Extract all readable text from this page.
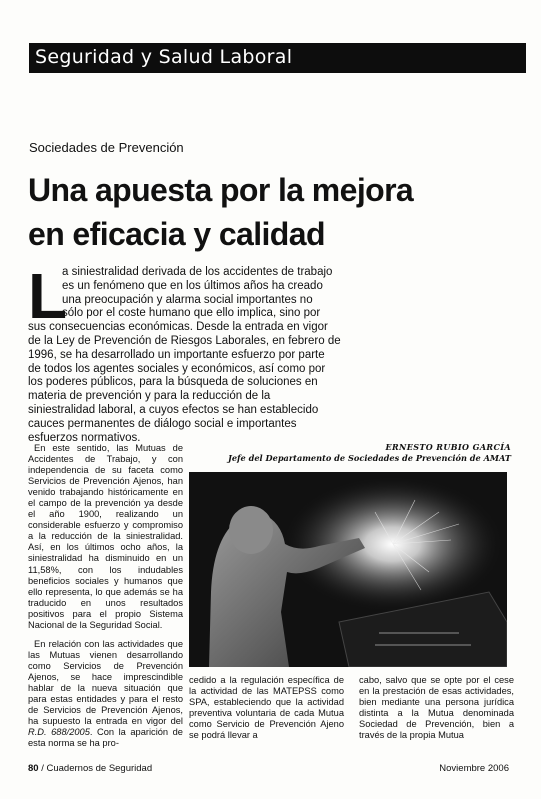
Seguridad y Salud Laboral
Sociedades de Prevención
Una apuesta por la mejora
en eficacia y calidad
L
a siniestralidad derivada de los accidentes de trabajo
es un fenómeno que en los últimos años ha creado
una preocupación y alarma social importantes no
sólo por el coste humano que ello implica, sino por
sus consecuencias económicas. Desde la entrada en vigor
de la Ley de Prevención de Riesgos Laborales, en febrero de
1996, se ha desarrollado un importante esfuerzo por parte
de todos los agentes sociales y económicos, así como por
los poderes públicos, para la búsqueda de soluciones en
materia de prevención y para la reducción de la
siniestralidad laboral, a cuyos efectos se han establecido
cauces permanentes de diálogo social e importantes
esfuerzos normativos.
ERNESTO RUBIO GARCÍA
Jefe del Departamento de Sociedades de Prevención de AMAT

En este sentido, las Mutuas de Accidentes de Trabajo, y con independencia de su faceta como Servicios de Prevención Ajenos, han venido trabajando históricamente en el campo de la prevención ya desde el año 1900, realizando un considerable esfuerzo y compromiso a la reducción de la siniestralidad. Así, en los últimos ocho años, la siniestralidad ha disminuido en un 11,58%, con los indudables beneficios sociales y humanos que ello representa, lo que además se ha traducido en unos resultados positivos para el propio Sistema Nacional de la Seguridad Social.

En relación con las actividades que las Mutuas vienen desarrollando como Servicios de Prevención Ajenos, se hace imprescindible hablar de la nueva situación que para estas entidades y para el resto de Servicios de Prevención Ajenos, ha supuesto la entrada en vigor del R.D. 688/2005. Con la aparición de esta norma se ha pro-

cedido a la regulación específica de la actividad de las MATEPSS como SPA, estableciendo que la actividad preventiva voluntaria de cada Mutua como Servicio de Prevención Ajeno se podrá llevar a

cabo, salvo que se opte por el cese en la prestación de esas actividades, bien mediante una persona jurídica distinta a la Mutua denominada Sociedad de Prevención, bien a través de la propia Mutua

80 / Cuadernos de Seguridad	Noviembre 2006
